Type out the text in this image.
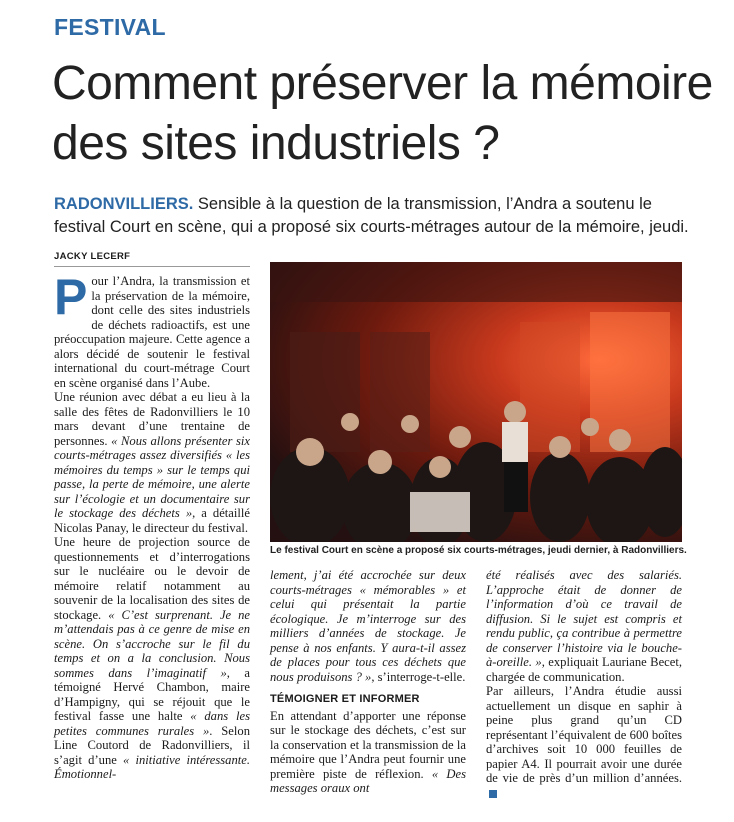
FESTIVAL
Comment préserver la mémoire des sites industriels ?
RADONVILLIERS. Sensible à la question de la transmission, l’Andra a soutenu le festival Court en scène, qui a proposé six courts-métrages autour de la mémoire, jeudi.
JACKY LECERF

Pour l’Andra, la transmission et la préservation de la mémoire, dont celle des sites industriels de déchets radioactifs, est une préoccupation majeure. Cette agence a alors décidé de soutenir le festival international du court-métrage Court en scène organisé dans l’Aube.

Une réunion avec débat a eu lieu à la salle des fêtes de Radonvilliers le 10 mars devant d’une trentaine de personnes. « Nous allons présenter six courts-métrages assez diversifiés « les mémoires du temps » sur le temps qui passe, la perte de mémoire, une alerte sur l’écologie et un documentaire sur le stockage des déchets », a détaillé Nicolas Panay, le directeur du festival.

Une heure de projection source de questionnements et d’interrogations sur le nucléaire ou le devoir de mémoire relatif notamment au souvenir de la localisation des sites de stockage. « C’est surprenant. Je ne m’attendais pas à ce genre de mise en scène. On s’accroche sur le fil du temps et on a la conclusion. Nous sommes dans l’imaginatif », a témoigné Hervé Chambon, maire d’Hampigny, qui se réjouit que le festival fasse une halte « dans les petites communes rurales ». Selon Line Coutord de Radonvilliers, il s’agit d’une « initiative intéressante. Émotionnel-

Le festival Court en scène a proposé six courts-métrages, jeudi dernier, à Radonvilliers.

lement, j’ai été accrochée sur deux courts-métrages « mémorables » et celui qui présentait la partie écologique. Je m’interroge sur des milliers d’années de stockage. Je pense à nos enfants. Y aura-t-il assez de places pour tous ces déchets que nous produisons ? », s’interroge-t-elle.

TÉMOIGNER ET INFORMER

En attendant d’apporter une réponse sur le stockage des déchets, c’est sur la conservation et la transmission de la mémoire que l’Andra peut fournir une première piste de réflexion. « Des messages oraux ont

été réalisés avec des salariés. L’approche était de donner de l’information d’où ce travail de diffusion. Si le sujet est compris et rendu public, ça contribue à permettre de conserver l’histoire via le bouche-à-oreille. », expliquait Lauriane Becet, chargée de communication.

Par ailleurs, l’Andra étudie aussi actuellement un disque en saphir à peine plus grand qu’un CD représentant l’équivalent de 600 boîtes d’archives soit 10 000 feuilles de papier A4. Il pourrait avoir une durée de vie de près d’un million d’années.
